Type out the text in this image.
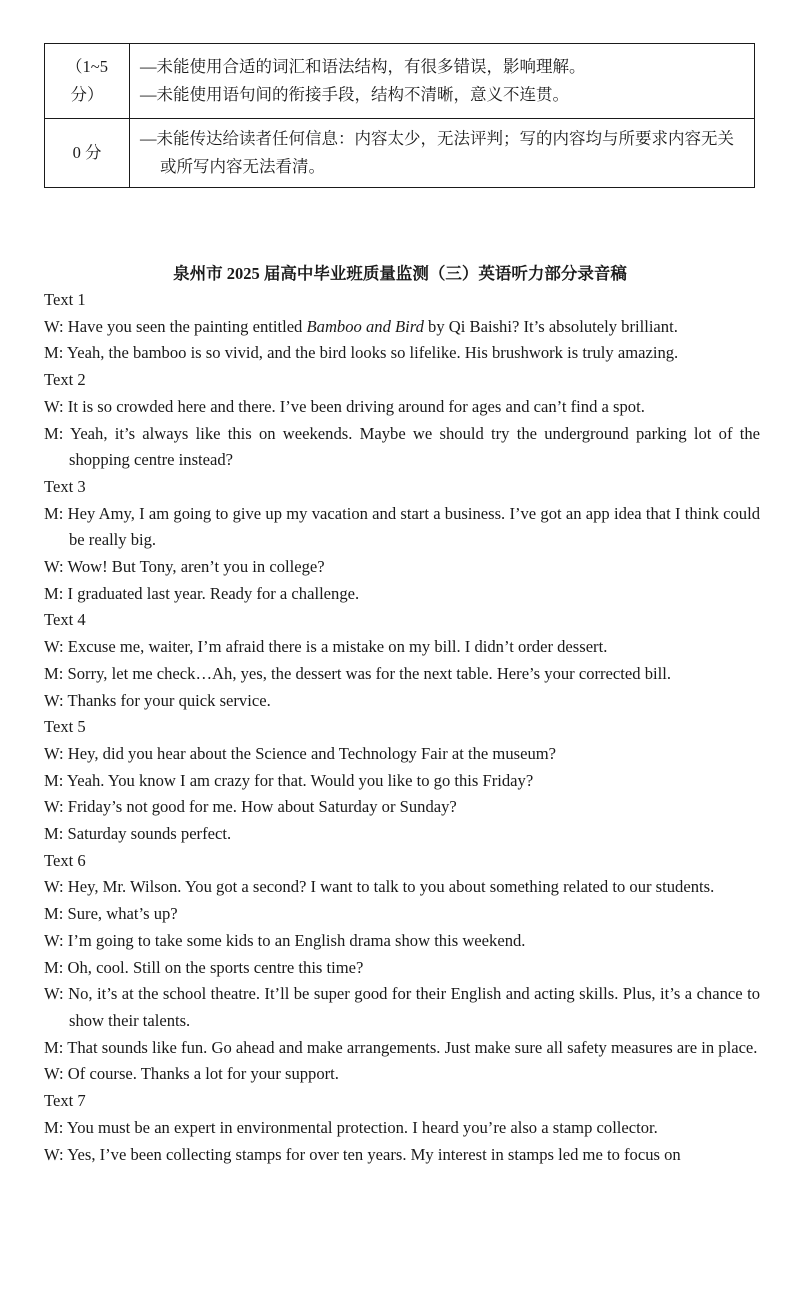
（1~5
分）	—未能使用合适的词汇和语法结构，有很多错误，影响理解。
—未能使用语句间的衔接手段，结构不清晰，意义不连贯。

0 分	—未能传达给读者任何信息：内容太少，无法评判；写的内容均与所要求内容无关或所写内容无法看清。
泉州市 2025 届高中毕业班质量监测（三）英语听力部分录音稿
Text 1
W: Have you seen the painting entitled Bamboo and Bird by Qi Baishi? It’s absolutely brilliant.
M: Yeah, the bamboo is so vivid, and the bird looks so lifelike. His brushwork is truly amazing.
Text 2
W: It is so crowded here and there. I’ve been driving around for ages and can’t find a spot.
M: Yeah, it’s always like this on weekends. Maybe we should try the underground parking lot of the shopping centre instead?
Text 3
M: Hey Amy, I am going to give up my vacation and start a business. I’ve got an app idea that I think could be really big.
W: Wow! But Tony, aren’t you in college?
M: I graduated last year. Ready for a challenge.
Text 4
W: Excuse me, waiter, I’m afraid there is a mistake on my bill. I didn’t order dessert.
M: Sorry, let me check…Ah, yes, the dessert was for the next table. Here’s your corrected bill.
W: Thanks for your quick service.
Text 5
W: Hey, did you hear about the Science and Technology Fair at the museum?
M: Yeah. You know I am crazy for that. Would you like to go this Friday?
W: Friday’s not good for me. How about Saturday or Sunday?
M: Saturday sounds perfect.
Text 6
W: Hey, Mr. Wilson. You got a second? I want to talk to you about something related to our students.
M: Sure, what’s up?
W: I’m going to take some kids to an English drama show this weekend.
M: Oh, cool. Still on the sports centre this time?
W: No, it’s at the school theatre. It’ll be super good for their English and acting skills. Plus, it’s a chance to show their talents.
M: That sounds like fun. Go ahead and make arrangements. Just make sure all safety measures are in place.
W: Of course. Thanks a lot for your support.
Text 7
M: You must be an expert in environmental protection. I heard you’re also a stamp collector.
W: Yes, I’ve been collecting stamps for over ten years. My interest in stamps led me to focus on
